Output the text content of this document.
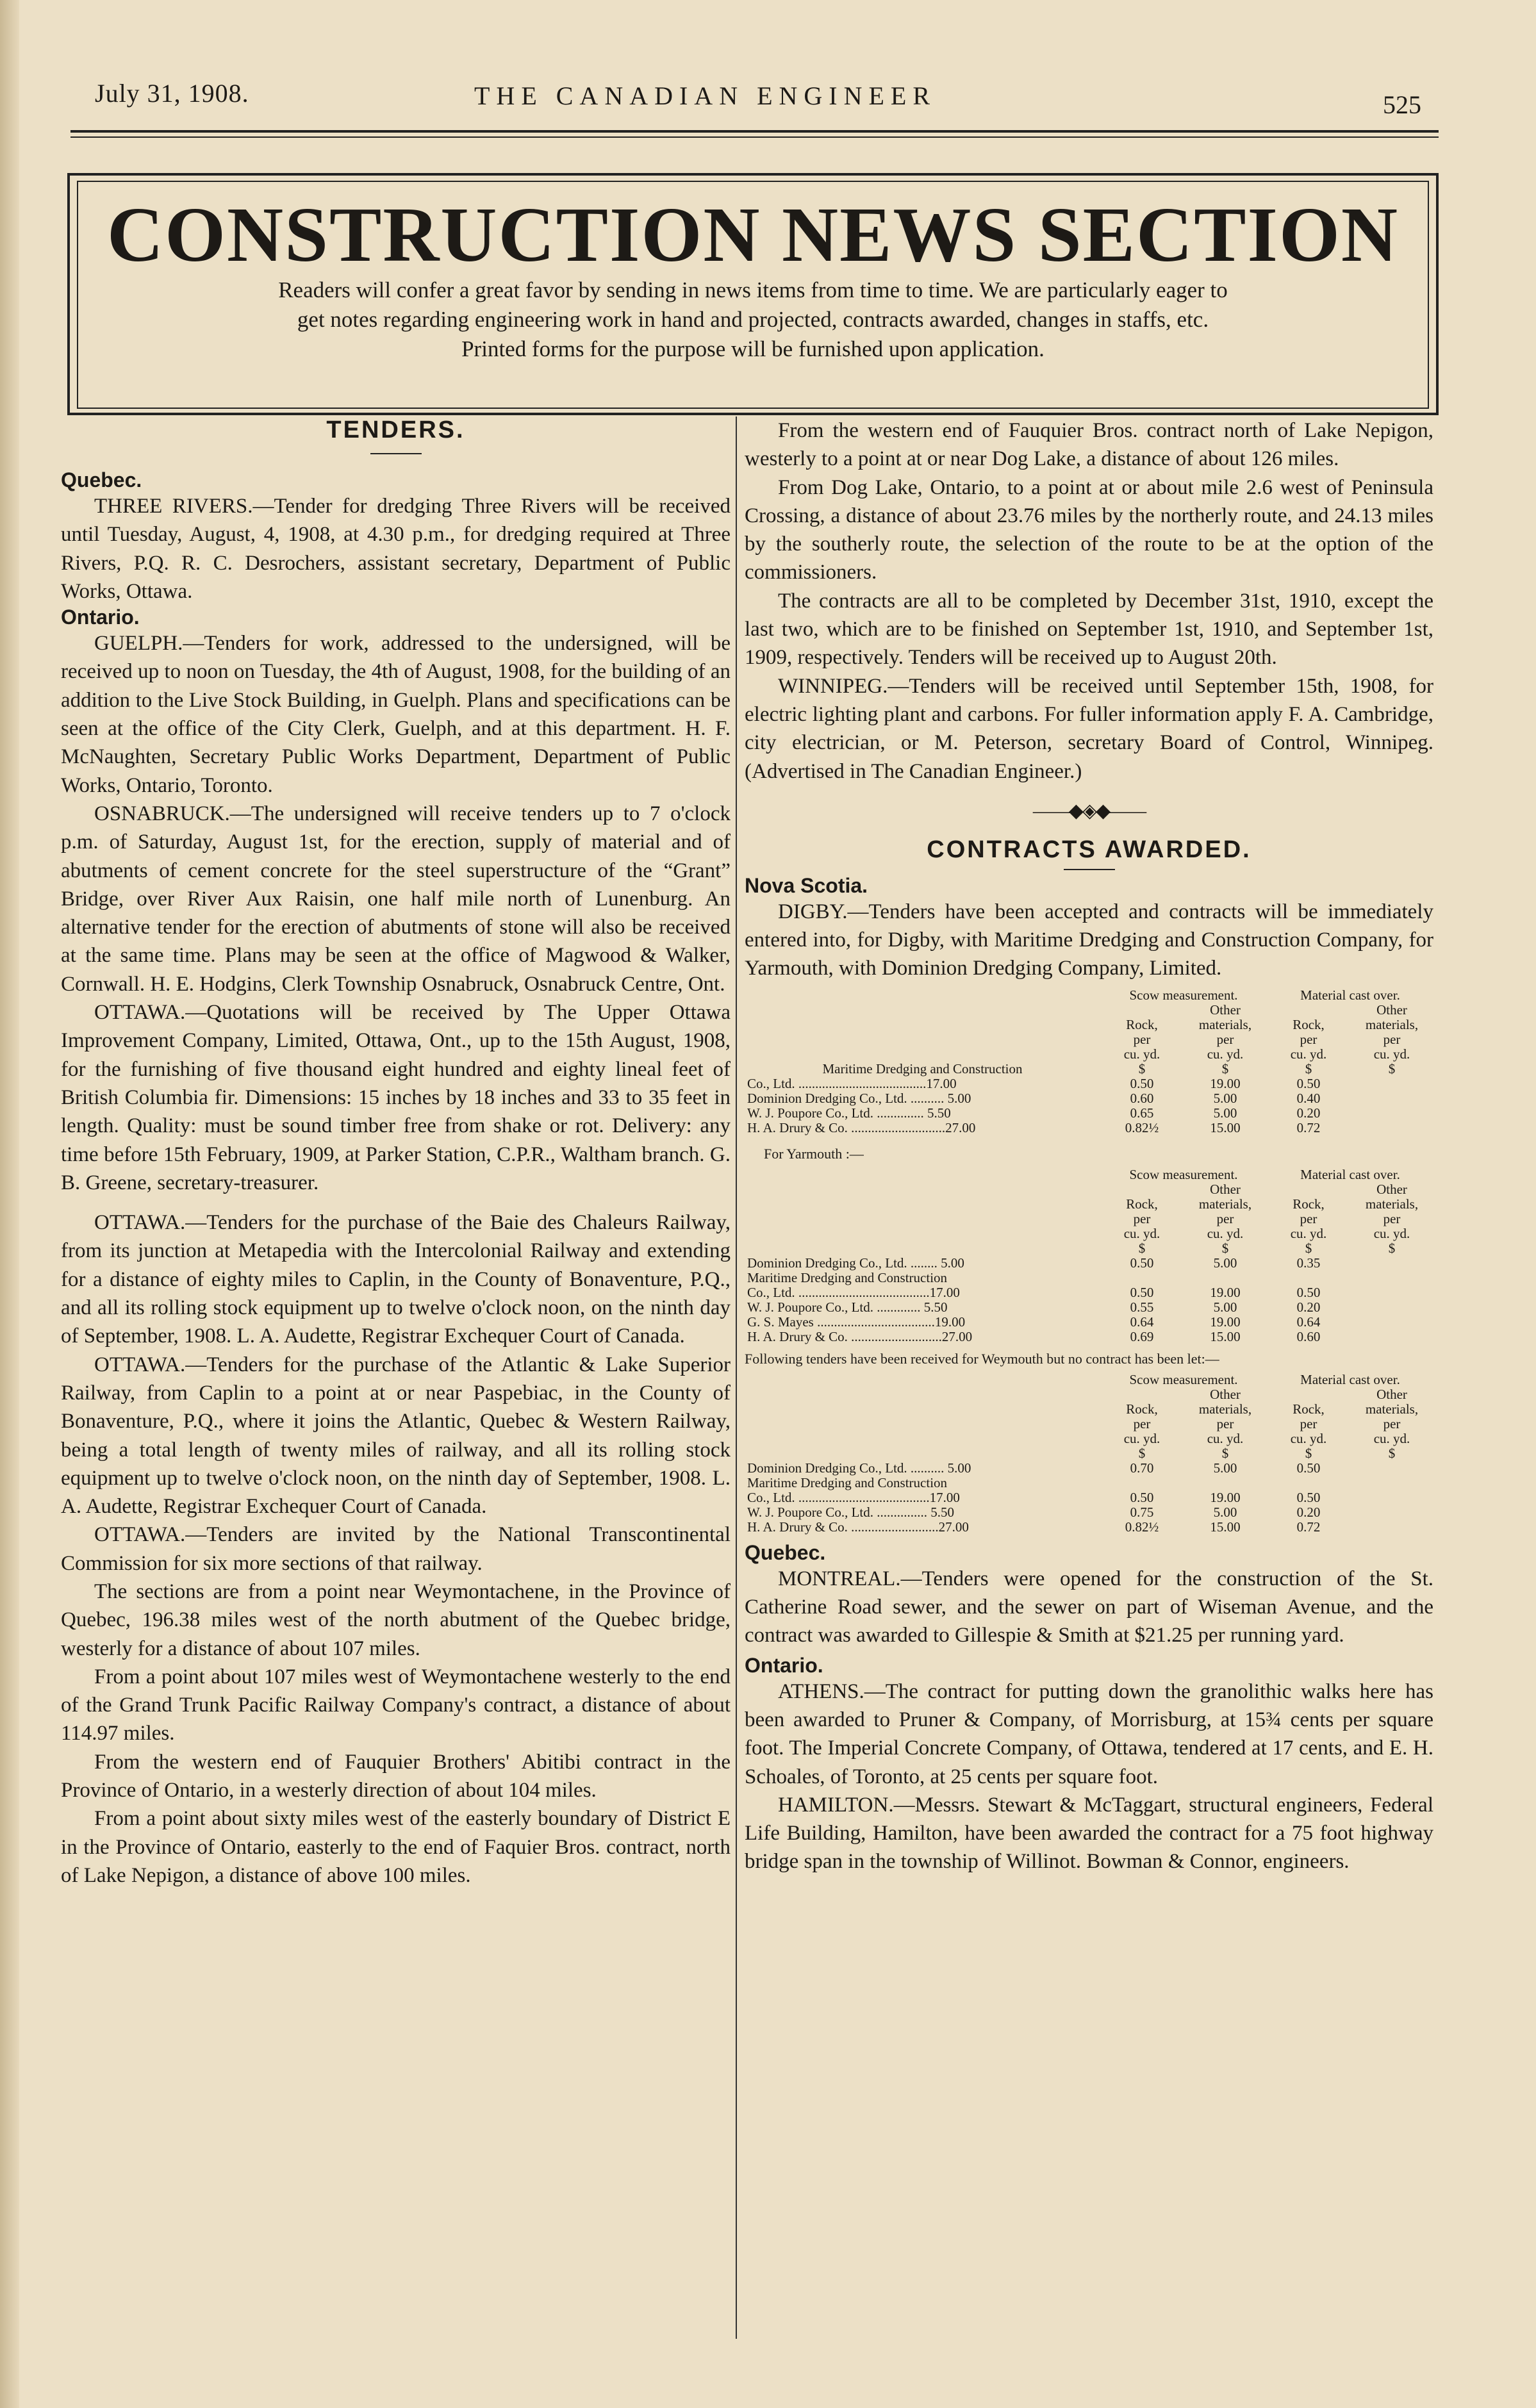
July 31, 1908.	THE CANADIAN ENGINEER	525
CONSTRUCTION NEWS SECTION
Readers will confer a great favor by sending in news items from time to time. We are particularly eager to
get notes regarding engineering work in hand and projected, contracts awarded, changes in staffs, etc.
Printed forms for the purpose will be furnished upon application.
TENDERS.

Quebec.

THREE RIVERS.—Tender for dredging Three Rivers will be received until Tuesday, August, 4, 1908, at 4.30 p.m., for dredging required at Three Rivers, P.Q. R. C. Desrochers, assistant secretary, Department of Public Works, Ottawa.

Ontario.

GUELPH.—Tenders for work, addressed to the undersigned, will be received up to noon on Tuesday, the 4th of August, 1908, for the building of an addition to the Live Stock Building, in Guelph. Plans and specifications can be seen at the office of the City Clerk, Guelph, and at this department. H. F. McNaughten, Secretary Public Works Department, Department of Public Works, Ontario, Toronto.

OSNABRUCK.—The undersigned will receive tenders up to 7 o'clock p.m. of Saturday, August 1st, for the erection, supply of material and of abutments of cement concrete for the steel superstructure of the “Grant” Bridge, over River Aux Raisin, one half mile north of Lunenburg. An alternative tender for the erection of abutments of stone will also be received at the same time. Plans may be seen at the office of Magwood & Walker, Cornwall. H. E. Hodgins, Clerk Township Osnabruck, Osnabruck Centre, Ont.

OTTAWA.—Quotations will be received by The Upper Ottawa Improvement Company, Limited, Ottawa, Ont., up to the 15th August, 1908, for the furnishing of five thousand eight hundred and eighty lineal feet of British Columbia fir. Dimensions: 15 inches by 18 inches and 33 to 35 feet in length. Quality: must be sound timber free from shake or rot. Delivery: any time before 15th February, 1909, at Parker Station, C.P.R., Waltham branch. G. B. Greene, secretary-treasurer.

OTTAWA.—Tenders for the purchase of the Baie des Chaleurs Railway, from its junction at Metapedia with the Intercolonial Railway and extending for a distance of eighty miles to Caplin, in the County of Bonaventure, P.Q., and all its rolling stock equipment up to twelve o'clock noon, on the ninth day of September, 1908. L. A. Audette, Registrar Exchequer Court of Canada.

OTTAWA.—Tenders for the purchase of the Atlantic & Lake Superior Railway, from Caplin to a point at or near Paspebiac, in the County of Bonaventure, P.Q., where it joins the Atlantic, Quebec & Western Railway, being a total length of twenty miles of railway, and all its rolling stock equipment up to twelve o'clock noon, on the ninth day of September, 1908. L. A. Audette, Registrar Exchequer Court of Canada.

OTTAWA.—Tenders are invited by the National Transcontinental Commission for six more sections of that railway.

The sections are from a point near Weymontachene, in the Province of Quebec, 196.38 miles west of the north abutment of the Quebec bridge, westerly for a distance of about 107 miles.

From a point about 107 miles west of Weymontachene westerly to the end of the Grand Trunk Pacific Railway Company's contract, a distance of about 114.97 miles.

From the western end of Fauquier Brothers' Abitibi contract in the Province of Ontario, in a westerly direction of about 104 miles.

From a point about sixty miles west of the easterly boundary of District E in the Province of Ontario, easterly to the end of Faquier Bros. contract, north of Lake Nepigon, a distance of above 100 miles.

From the western end of Fauquier Bros. contract north of Lake Nepigon, westerly to a point at or near Dog Lake, a distance of about 126 miles.

From Dog Lake, Ontario, to a point at or about mile 2.6 west of Peninsula Crossing, a distance of about 23.76 miles by the northerly route, and 24.13 miles by the southerly route, the selection of the route to be at the option of the commissioners.

The contracts are all to be completed by December 31st, 1910, except the last two, which are to be finished on September 1st, 1910, and September 1st, 1909, respectively. Tenders will be received up to August 20th.

WINNIPEG.—Tenders will be received until September 15th, 1908, for electric lighting plant and carbons. For fuller information apply F. A. Cambridge, city electrician, or M. Peterson, secretary Board of Control, Winnipeg. (Advertised in The Canadian Engineer.)

——◆◈◆——
CONTRACTS AWARDED.

Nova Scotia.

DIGBY.—Tenders have been accepted and contracts will be immediately entered into, for Digby, with Maritime Dredging and Construction Company, for Yarmouth, with Dominion Dredging Company, Limited.

	Scow measurement.		Material cast over.	
		Other		Other
	Rock,	materials,	Rock,	materials,
	per	per	per	per
	cu. yd.	cu. yd.	cu. yd.	cu. yd.
Maritime Dredging and Construction	$	$	$	$
Co., Ltd. ......................................17.00	0.50	19.00	0.50	
Dominion Dredging Co., Ltd. .......... 5.00	0.60	5.00	0.40	
W. J. Poupore Co., Ltd. .............. 5.50	0.65	5.00	0.20	
H. A. Drury & Co. ............................27.00	0.82½	15.00	0.72	
For Yarmouth :—
	Scow measurement.		Material cast over.	
		Other		Other
	Rock,	materials,	Rock,	materials,
	per	per	per	per
	cu. yd.	cu. yd.	cu. yd.	cu. yd.
	$	$	$	$
Dominion Dredging Co., Ltd. ........ 5.00	0.50	5.00	0.35	
Maritime Dredging and Construction				
Co., Ltd. .......................................17.00	0.50	19.00	0.50	
W. J. Poupore Co., Ltd. ............. 5.50	0.55	5.00	0.20	
G. S. Mayes ...................................19.00	0.64	19.00	0.64	
H. A. Drury & Co. ...........................27.00	0.69	15.00	0.60	
Following tenders have been received for Weymouth but no contract has been let:—
	Scow measurement.		Material cast over.	
		Other		Other
	Rock,	materials,	Rock,	materials,
	per	per	per	per
	cu. yd.	cu. yd.	cu. yd.	cu. yd.
	$	$	$	$
Dominion Dredging Co., Ltd. .......... 5.00	0.70	5.00	0.50	
Maritime Dredging and Construction				
Co., Ltd. .......................................17.00	0.50	19.00	0.50	
W. J. Poupore Co., Ltd. ............... 5.50	0.75	5.00	0.20	
H. A. Drury & Co. ..........................27.00	0.82½	15.00	0.72	

Quebec.

MONTREAL.—Tenders were opened for the construction of the St. Catherine Road sewer, and the sewer on part of Wiseman Avenue, and the contract was awarded to Gillespie & Smith at $21.25 per running yard.

Ontario.

ATHENS.—The contract for putting down the granolithic walks here has been awarded to Pruner & Company, of Morrisburg, at 15¾ cents per square foot. The Imperial Concrete Company, of Ottawa, tendered at 17 cents, and E. H. Schoales, of Toronto, at 25 cents per square foot.

HAMILTON.—Messrs. Stewart & McTaggart, structural engineers, Federal Life Building, Hamilton, have been awarded the contract for a 75 foot highway bridge span in the township of Willinot. Bowman & Connor, engineers.
